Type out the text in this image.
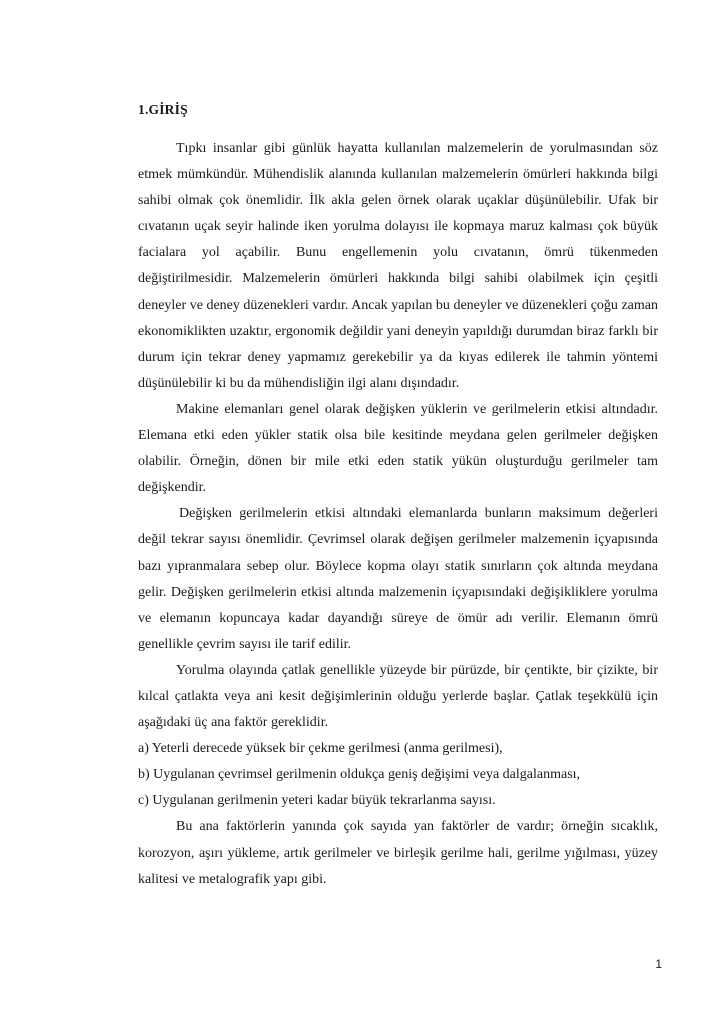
1.GİRİŞ

Tıpkı insanlar gibi günlük hayatta kullanılan malzemelerin de yorulmasından söz etmek mümkündür. Mühendislik alanında kullanılan malzemelerin ömürleri hakkında bilgi sahibi olmak çok önemlidir. İlk akla gelen örnek olarak uçaklar düşünülebilir. Ufak bir cıvatanın uçak seyir halinde iken yorulma dolayısı ile kopmaya maruz kalması çok büyük facialara yol açabilir. Bunu engellemenin yolu cıvatanın, ömrü tükenmeden değiştirilmesidir. Malzemelerin ömürleri hakkında bilgi sahibi olabilmek için çeşitli deneyler ve deney düzenekleri vardır. Ancak yapılan bu deneyler ve düzenekleri çoğu zaman ekonomiklikten uzaktır, ergonomik değildir yani deneyin yapıldığı durumdan biraz farklı bir durum için tekrar deney yapmamız gerekebilir ya da kıyas edilerek ile tahmin yöntemi düşünülebilir ki bu da mühendisliğin ilgi alanı dışındadır.

Makine elemanları genel olarak değişken yüklerin ve gerilmelerin etkisi altındadır. Elemana etki eden yükler statik olsa bile kesitinde meydana gelen gerilmeler değişken olabilir. Örneğin, dönen bir mile etki eden statik yükün oluşturduğu gerilmeler tam değişkendir.

Değişken gerilmelerin etkisi altındaki elemanlarda bunların maksimum değerleri değil tekrar sayısı önemlidir. Çevrimsel olarak değişen gerilmeler malzemenin içyapısında bazı yıpranmalara sebep olur. Böylece kopma olayı statik sınırların çok altında meydana gelir. Değişken gerilmelerin etkisi altında malzemenin içyapısındaki değişikliklere yorulma ve elemanın kopuncaya kadar dayandığı süreye de ömür adı verilir. Elemanın ömrü genellikle çevrim sayısı ile tarif edilir.

Yorulma olayında çatlak genellikle yüzeyde bir pürüzde, bir çentikte, bir çizikte, bir kılcal çatlakta veya ani kesit değişimlerinin olduğu yerlerde başlar. Çatlak teşekkülü için aşağıdaki üç ana faktör gereklidir.

a) Yeterli derecede yüksek bir çekme gerilmesi (anma gerilmesi),

b) Uygulanan çevrimsel gerilmenin oldukça geniş değişimi veya dalgalanması,

c) Uygulanan gerilmenin yeteri kadar büyük tekrarlanma sayısı.

Bu ana faktörlerin yanında çok sayıda yan faktörler de vardır; örneğin sıcaklık, korozyon, aşırı yükleme, artık gerilmeler ve birleşik gerilme hali, gerilme yığılması, yüzey kalitesi ve metalografik yapı gibi.

1
